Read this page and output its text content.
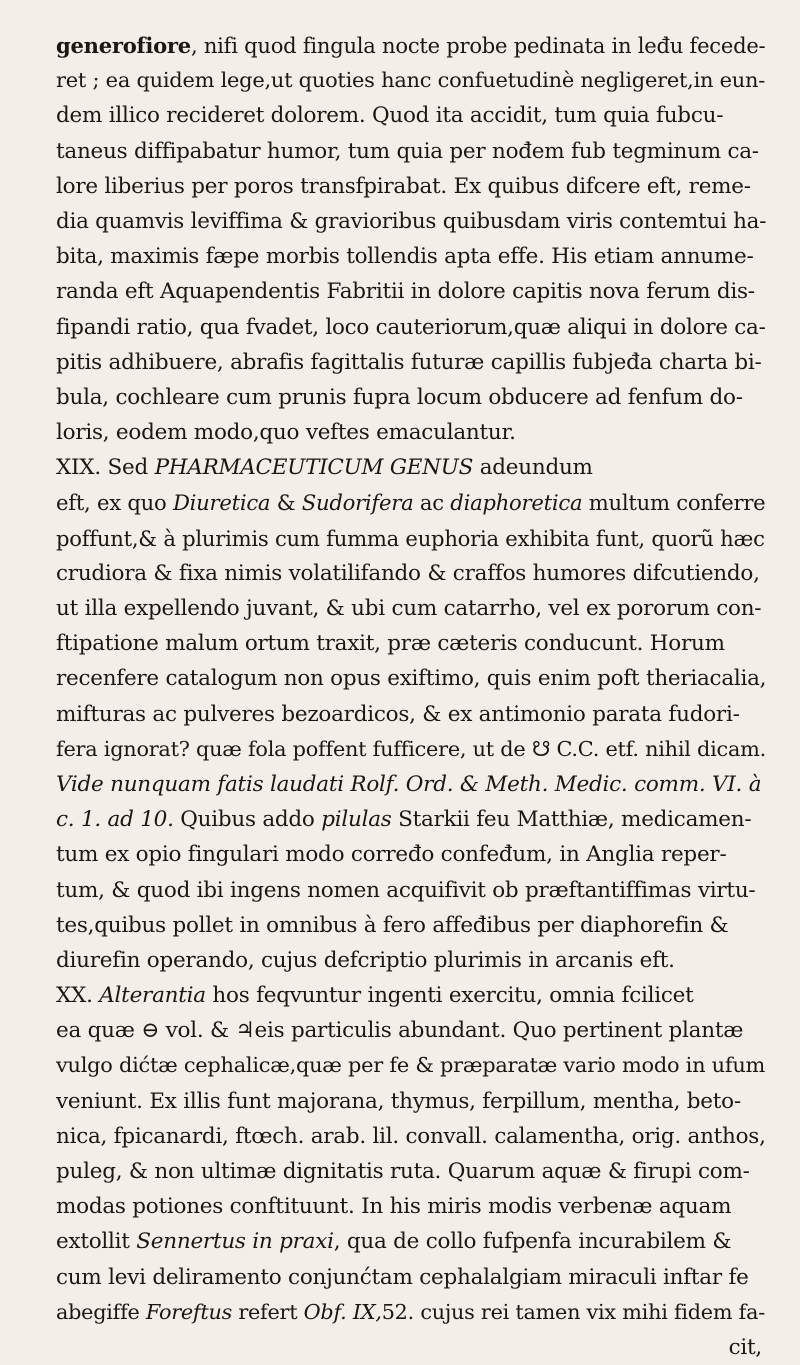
generofiore, nifi quod fingula nocte probe pedinata in leđu fecede-
ret ; ea quidem lege,ut quoties hanc confuetudinè negligeret,in eun-
dem illico recideret dolorem. Quod ita accidit, tum quia fubcu-
taneus diffipabatur humor, tum quia per nođem fub tegminum ca-
lore liberius per poros transfpirabat. Ex quibus difcere eft, reme-
dia quamvis leviffima & gravioribus quibusdam viris contemtui ha-
bita, maximis fæpe morbis tollendis apta effe. His etiam annume-
randa eft Aquapendentis Fabritii in dolore capitis nova ferum dis-
fipandi ratio, qua fvadet, loco cauteriorum,quæ aliqui in dolore ca-
pitis adhibuere, abrafis fagittalis futuræ capillis fubjeđa charta bi-
bula, cochleare cum prunis fupra locum obducere ad fenfum do-
loris, eodem modo,quo veftes emaculantur.
XIX. Sed PHARMACEUTICUM GENUS adeundum
eft, ex quo Diuretica & Sudorifera ac diaphoretica multum conferre
poffunt,& à plurimis cum fumma euphoria exhibita funt, quorũ hæc
crudiora & fixa nimis volatilifando & craffos humores difcutiendo,
ut illa expellendo juvant, & ubi cum catarrho, vel ex pororum con-
ftipatione malum ortum traxit, præ cæteris conducunt. Horum
recenfere catalogum non opus exiftimo, quis enim poft theriacalia,
mifturas ac pulveres bezoardicos, & ex antimonio parata fudori-
fera ignorat? quæ fola poffent fufficere, ut de ☋ C.C. etf. nihil dicam.
Vide nunquam fatis laudati Rolf. Ord. & Meth. Medic. comm. VI. à
c. 1. ad 10. Quibus addo pilulas Starkii feu Matthiæ, medicamen-
tum ex opio fingulari modo corređo confeđum, in Anglia reper-
tum, & quod ibi ingens nomen acquifivit ob præftantiffimas virtu-
tes,quibus pollet in omnibus à fero affeđibus per diaphorefin &
diurefin operando, cujus defcriptio plurimis in arcanis eft.
XX. Alterantia hos feqvuntur ingenti exercitu, omnia fcilicet
ea quæ ⊖ vol. & ♃eis particulis abundant. Quo pertinent plantæ
vulgo dićtæ cephalicæ,quæ per fe & præparatæ vario modo in ufum
veniunt. Ex illis funt majorana, thymus, ferpillum, mentha, beto-
nica, fpicanardi, ftœch. arab. lil. convall. calamentha, orig. anthos,
puleg, & non ultimæ dignitatis ruta. Quarum aquæ & firupi com-
modas potiones conftituunt. In his miris modis verbenæ aquam
extollit Sennertus in praxi, qua de collo fufpenfa incurabilem &
cum levi deliramento conjunćtam cephalalgiam miraculi inftar fe
abegiffe Foreftus refert Obf. IX,52. cujus rei tamen vix mihi fidem fa-
cit,
